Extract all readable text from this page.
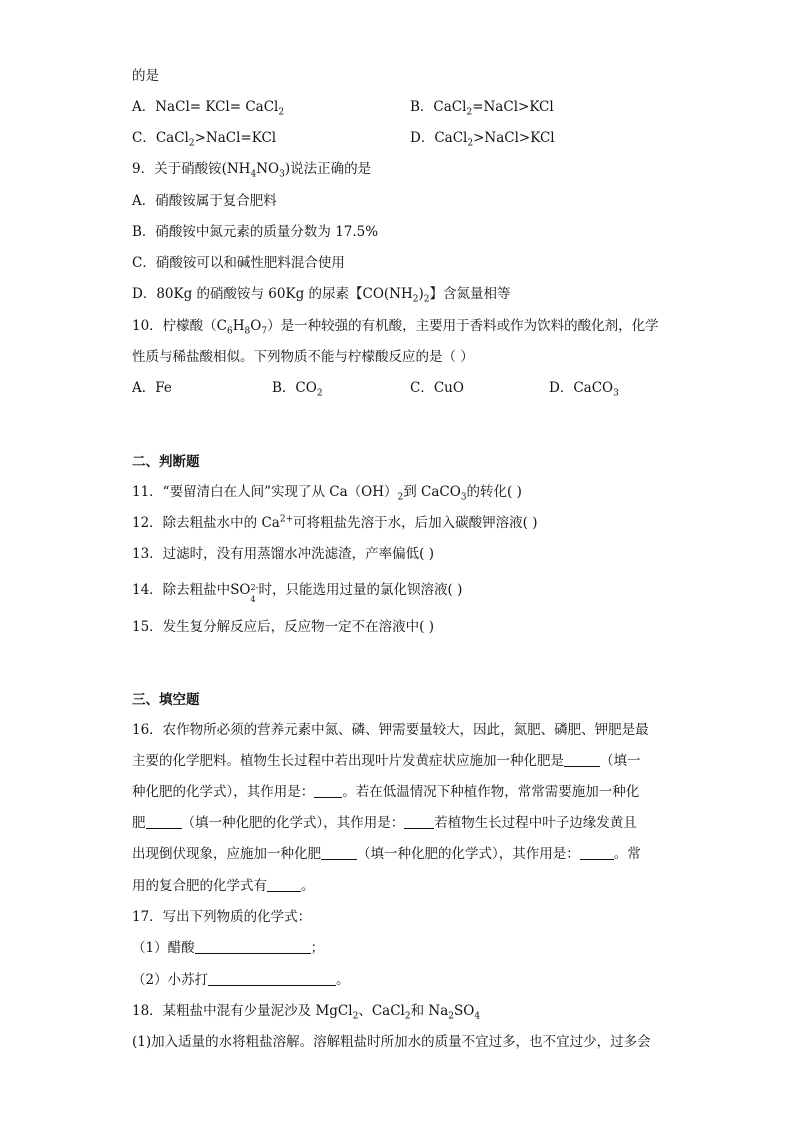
的是
A．NaCl= KCl= CaCl$_2$	B．CaCl$_2$=NaCl>KCl
C．CaCl$_2$>NaCl=KCl	D．CaCl$_2$>NaCl>KCl
9．关于硝酸铵$(NH_4NO_3)$说法正确的是
A．硝酸铵属于复合肥料
B．硝酸铵中氮元素的质量分数为 17.5%
C．硝酸铵可以和碱性肥料混合使用
D．80Kg 的硝酸铵与 60Kg 的尿素【$CO(NH_2)_2$】含氮量相等
10．柠檬酸$(C_6H_8O_7)$是一种较强的有机酸，主要用于香料或作为饮料的酸化剂，化学
性质与稀盐酸相似。下列物质不能与柠檬酸反应的是（ ）
A．Fe	B．$CO_2$	C．CuO	D．CaCO$_3$
二、判断题
11．“要留清白在人间”实现了从 $Ca(OH)_2$到 CaCO$_3$的转化( )
12．除去粗盐水中的 $Ca^{2+}$可将粗盐先溶于水，后加入碳酸钾溶液( )
13．过滤时，没有用蒸馏水冲洗滤渣，产率偏低( )
14．除去粗盐中SO 2-
4
时，只能选用过量的氯化钡溶液( )
15．发生复分解反应后，反应物一定不在溶液中( )
三、填空题
16．农作物所必须的营养元素中氮、磷、钾需要量较大，因此，氮肥、磷肥、钾肥是最
主要的化学肥料。植物生长过程中若出现叶片发黄症状应施加一种化肥是	（填一
种化肥的化学式），其作用是： 。若在低温情况下种植作物，常常需要施加一种化
肥	（填一种化肥的化学式），其作用是： 若植物生长过程中叶子边缘发黄且
出现倒伏现象，应施加一种化肥	（填一种化肥的化学式），其作用是：	。常
用的复合肥的化学式有	。
17．写出下列物质的化学式：
（1）醋酸	；
（2）小苏打	。
18．某粗盐中混有少量泥沙及 MgCl$_2$、CaCl$_2$和 $Na_2SO_4$
(1)加入适量的水将粗盐溶解。溶解粗盐时所加水的质量不宜过多，也不宜过少，过多会
